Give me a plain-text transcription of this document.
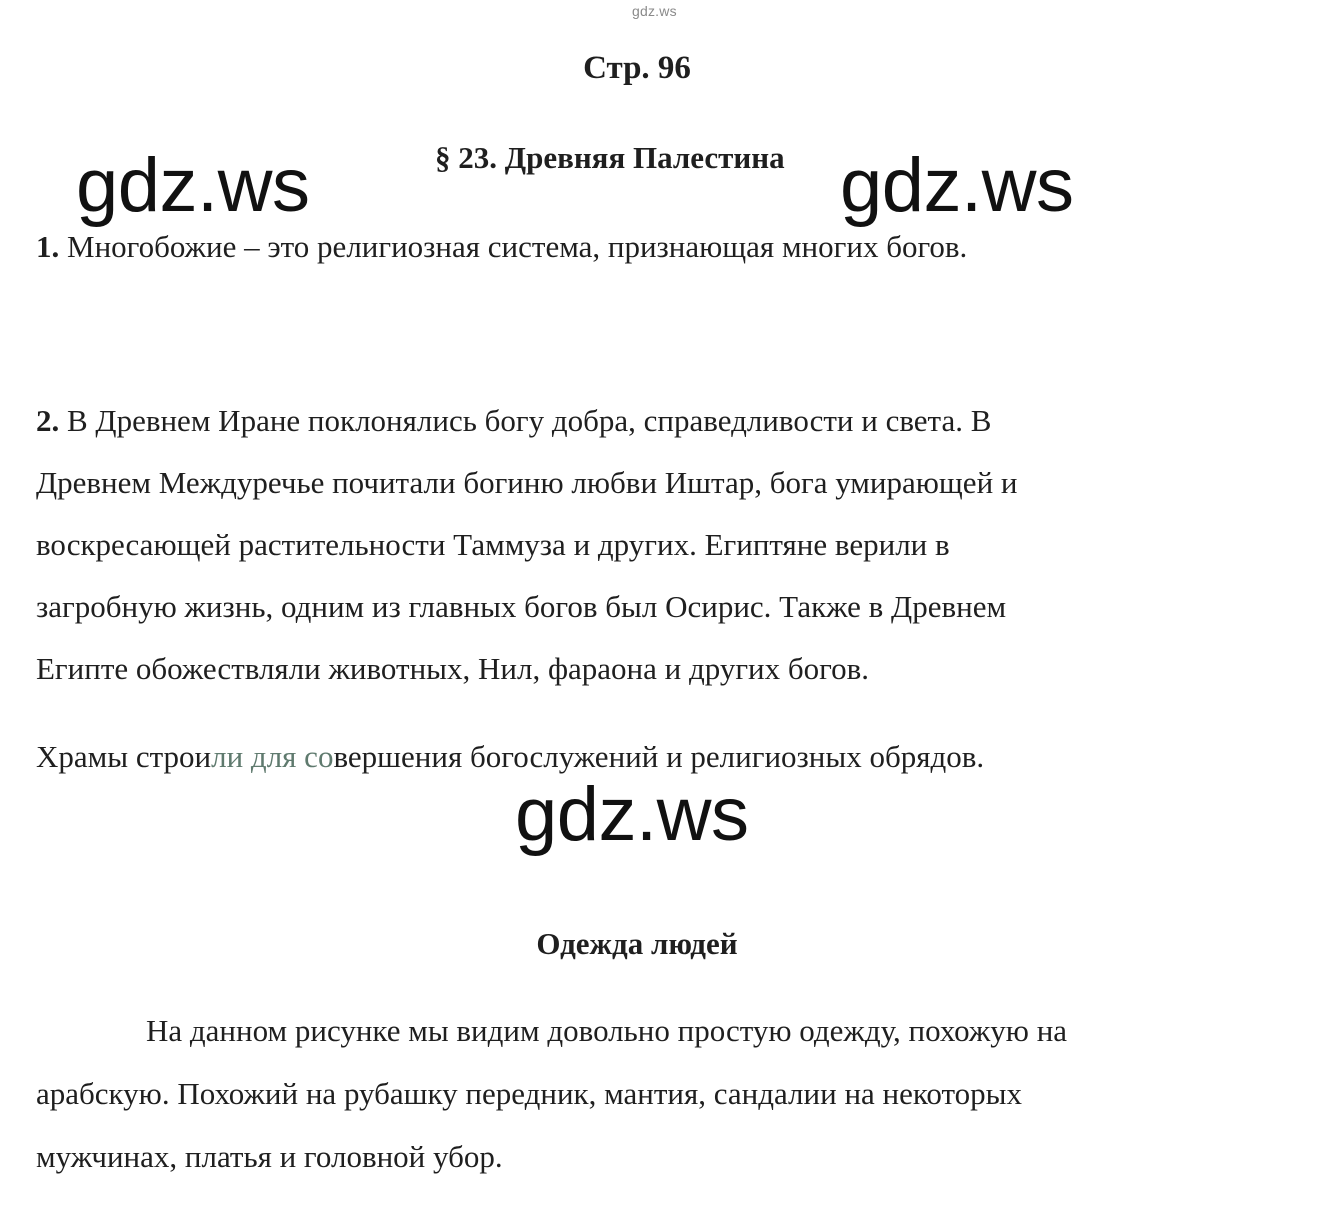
gdz.ws
Стр. 96
§ 23. Древняя Палестина
gdz.ws	gdz.ws
1. Многобожие – это религиозная система, признающая многих богов.
2. В Древнем Иране поклонялись богу добра, справедливости и света. В
Древнем Междуречье почитали богиню любви Иштар, бога умирающей и
воскресающей растительности Таммуза и других. Египтяне верили в
загробную жизнь, одним из главных богов был Осирис. Также в Древнем
Египте обожествляли животных, Нил, фараона и других богов.
Храмы строили для совершения богослужений и религиозных обрядов.
gdz.ws
Одежда людей
На данном рисунке мы видим довольно простую одежду, похожую на
арабскую. Похожий на рубашку передник, мантия, сандалии на некоторых
мужчинах, платья и головной убор.
